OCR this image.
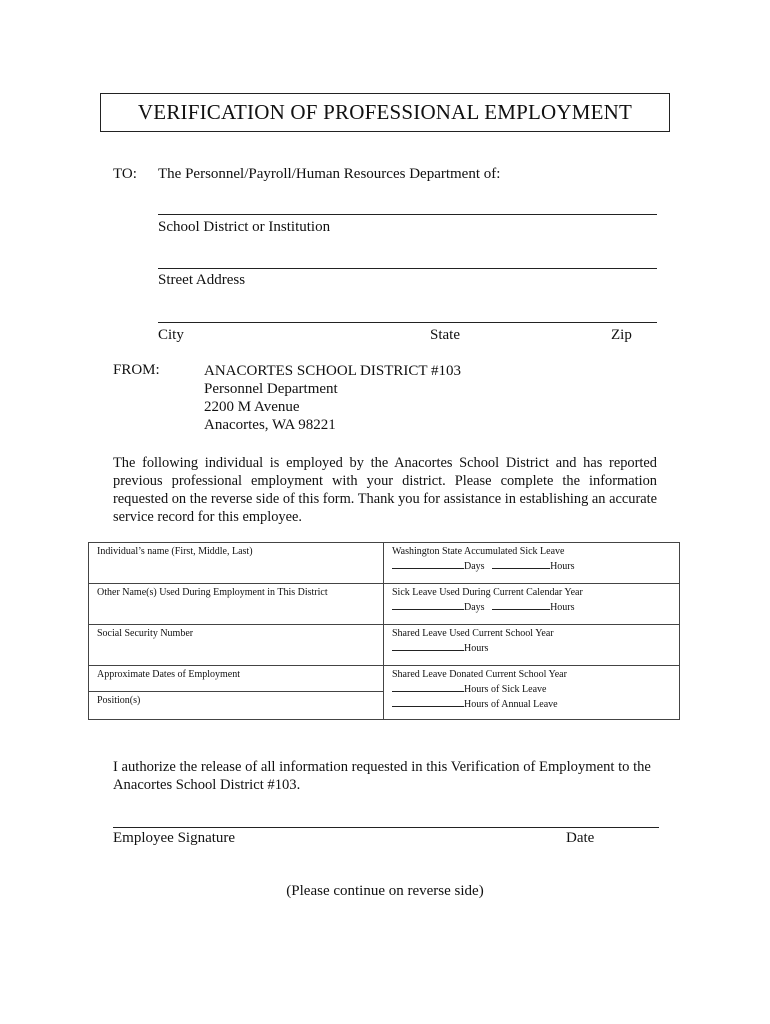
VERIFICATION OF PROFESSIONAL EMPLOYMENT
TO: The Personnel/Payroll/Human Resources Department of:
School District or Institution
Street Address
City	State	Zip
FROM:	ANACORTES SCHOOL DISTRICT #103
Personnel Department
2200 M Avenue
Anacortes, WA 98221
The following individual is employed by the Anacortes School District and has reported previous professional employment with your district. Please complete the information requested on the reverse side of this form. Thank you for assistance in establishing an accurate service record for this employee.
Individual’s name (First, Middle, Last)	Washington State Accumulated Sick Leave
Days Hours

Other Name(s) Used During Employment in This District	Sick Leave Used During Current Calendar Year
Days Hours

Social Security Number	Shared Leave Used Current School Year
Hours

Approximate Dates of Employment	Shared Leave Donated Current School Year
Hours of Sick Leave
Hours of Annual Leave

Position(s)	
I authorize the release of all information requested in this Verification of Employment to the Anacortes School District #103.
Employee Signature	Date
(Please continue on reverse side)
